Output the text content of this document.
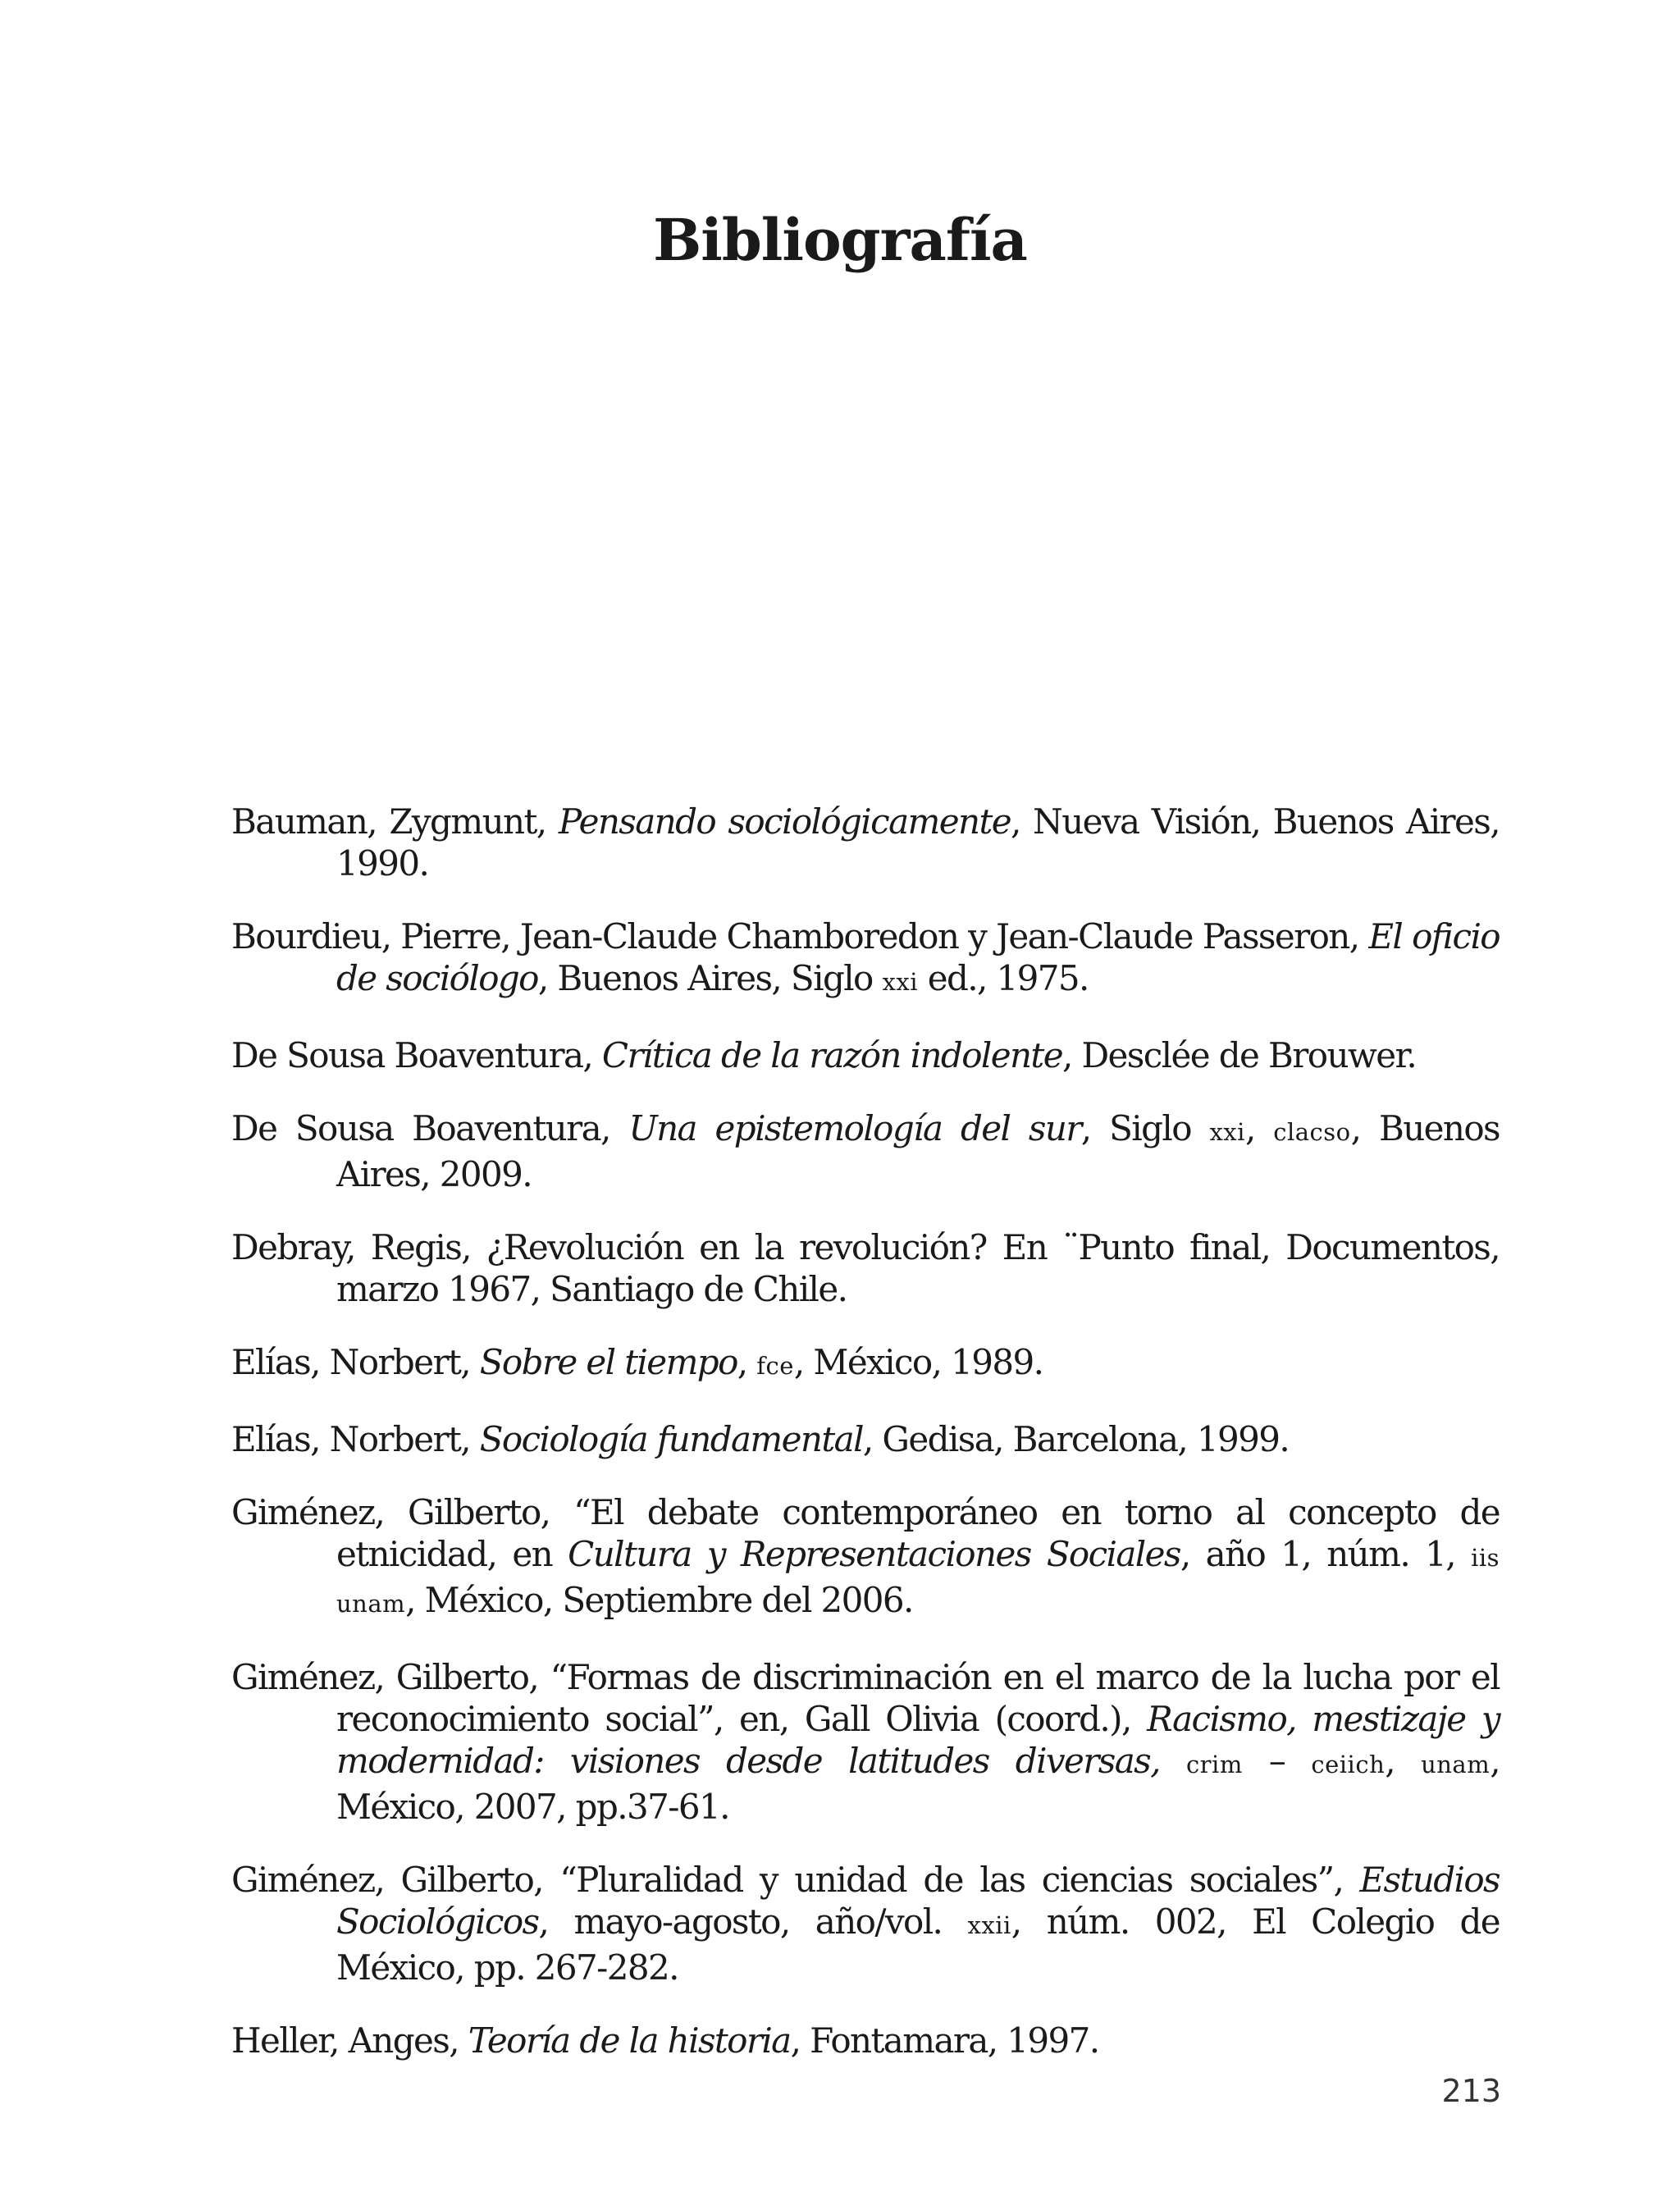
Bibliografía

Bauman, Zygmunt, Pensando sociológicamente, Nueva Visión, Buenos Aires, 1990.

Bourdieu, Pierre, Jean-Claude Chamboredon y Jean-Claude Passeron, El oficio de sociólogo, Buenos Aires, Siglo xxi ed., 1975.

De Sousa Boaventura, Crítica de la razón indolente, Desclée de Brouwer.

De Sousa Boaventura, Una epistemología del sur, Siglo xxi, clacso, Buenos Aires, 2009.

Debray, Regis, ¿Revolución en la revolución? En ¨Punto final, Documentos, marzo 1967, Santiago de Chile.

Elías, Norbert, Sobre el tiempo, fce, México, 1989.

Elías, Norbert, Sociología fundamental, Gedisa, Barcelona, 1999.

Giménez, Gilberto, “El debate contemporáneo en torno al concepto de etnicidad, en Cultura y Representaciones Sociales, año 1, núm. 1, iis unam, México, Septiembre del 2006.

Giménez, Gilberto, “Formas de discriminación en el marco de la lucha por el reconocimiento social”, en, Gall Olivia (coord.), Racismo, mestizaje y modernidad: visiones desde latitudes diversas, crim – ceiich, unam, México, 2007, pp.37-61.

Giménez, Gilberto, “Pluralidad y unidad de las ciencias sociales”, Estudios Sociológicos, mayo-agosto, año/vol. xxii, núm. 002, El Colegio de México, pp. 267-282.

Heller, Anges, Teoría de la historia, Fontamara, 1997.

213
